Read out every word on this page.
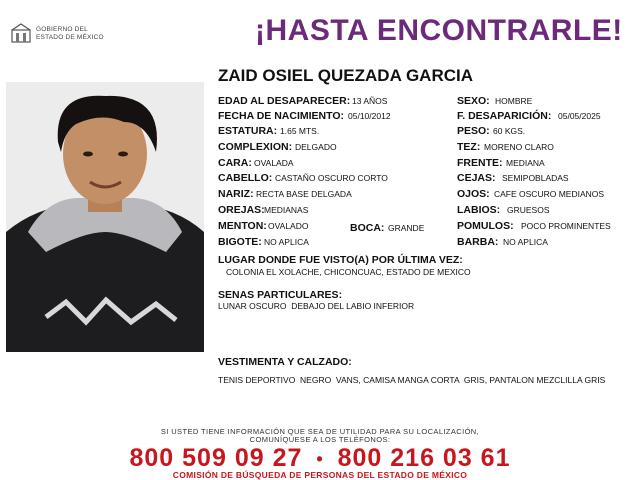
GOBIERNO DEL
ESTADO DE MÉXICO	¡HASTA ENCONTRARLE!
ZAID OSIEL QUEZADA GARCIA
EDAD AL DESAPARECER: 13 AÑOS
FECHA DE NACIMIENTO: 05/10/2012
ESTATURA: 1.65 MTS.
COMPLEXION: DELGADO
CARA: OVALADA
CABELLO: CASTAÑO OSCURO CORTO
NARIZ: RECTA BASE DELGADA
OREJAS: MEDIANAS
MENTON: OVALADO	BOCA: GRANDE
BIGOTE: NO APLICA
SEXO: HOMBRE
F. DESAPARICIÓN: 05/05/2025
PESO: 60 KGS.
TEZ: MORENO CLARO
FRENTE: MEDIANA
CEJAS: SEMIPOBLADAS
OJOS: CAFE OSCURO MEDIANOS
LABIOS: GRUESOS
POMULOS: POCO PROMINENTES
BARBA: NO APLICA
LUGAR DONDE FUE VISTO(A) POR ÚLTIMA VEZ:
COLONIA EL XOLACHE, CHICONCUAC, ESTADO DE MEXICO
SENAS PARTICULARES:
LUNAR OSCURO  DEBAJO DEL LABIO INFERIOR
VESTIMENTA Y CALZADO:
TENIS DEPORTIVO  NEGRO  VANS, CAMISA MANGA CORTA  GRIS, PANTALON MEZCLILLA GRIS
SI USTED TIENE INFORMACIÓN QUE SEA DE UTILIDAD PARA SU LOCALIZACIÓN,
COMUNÍQUESE A LOS TELÉFONOS:
800 509 09 27 • 800 216 03 61
COMISIÓN DE BÚSQUEDA DE PERSONAS DEL ESTADO DE MÉXICO
